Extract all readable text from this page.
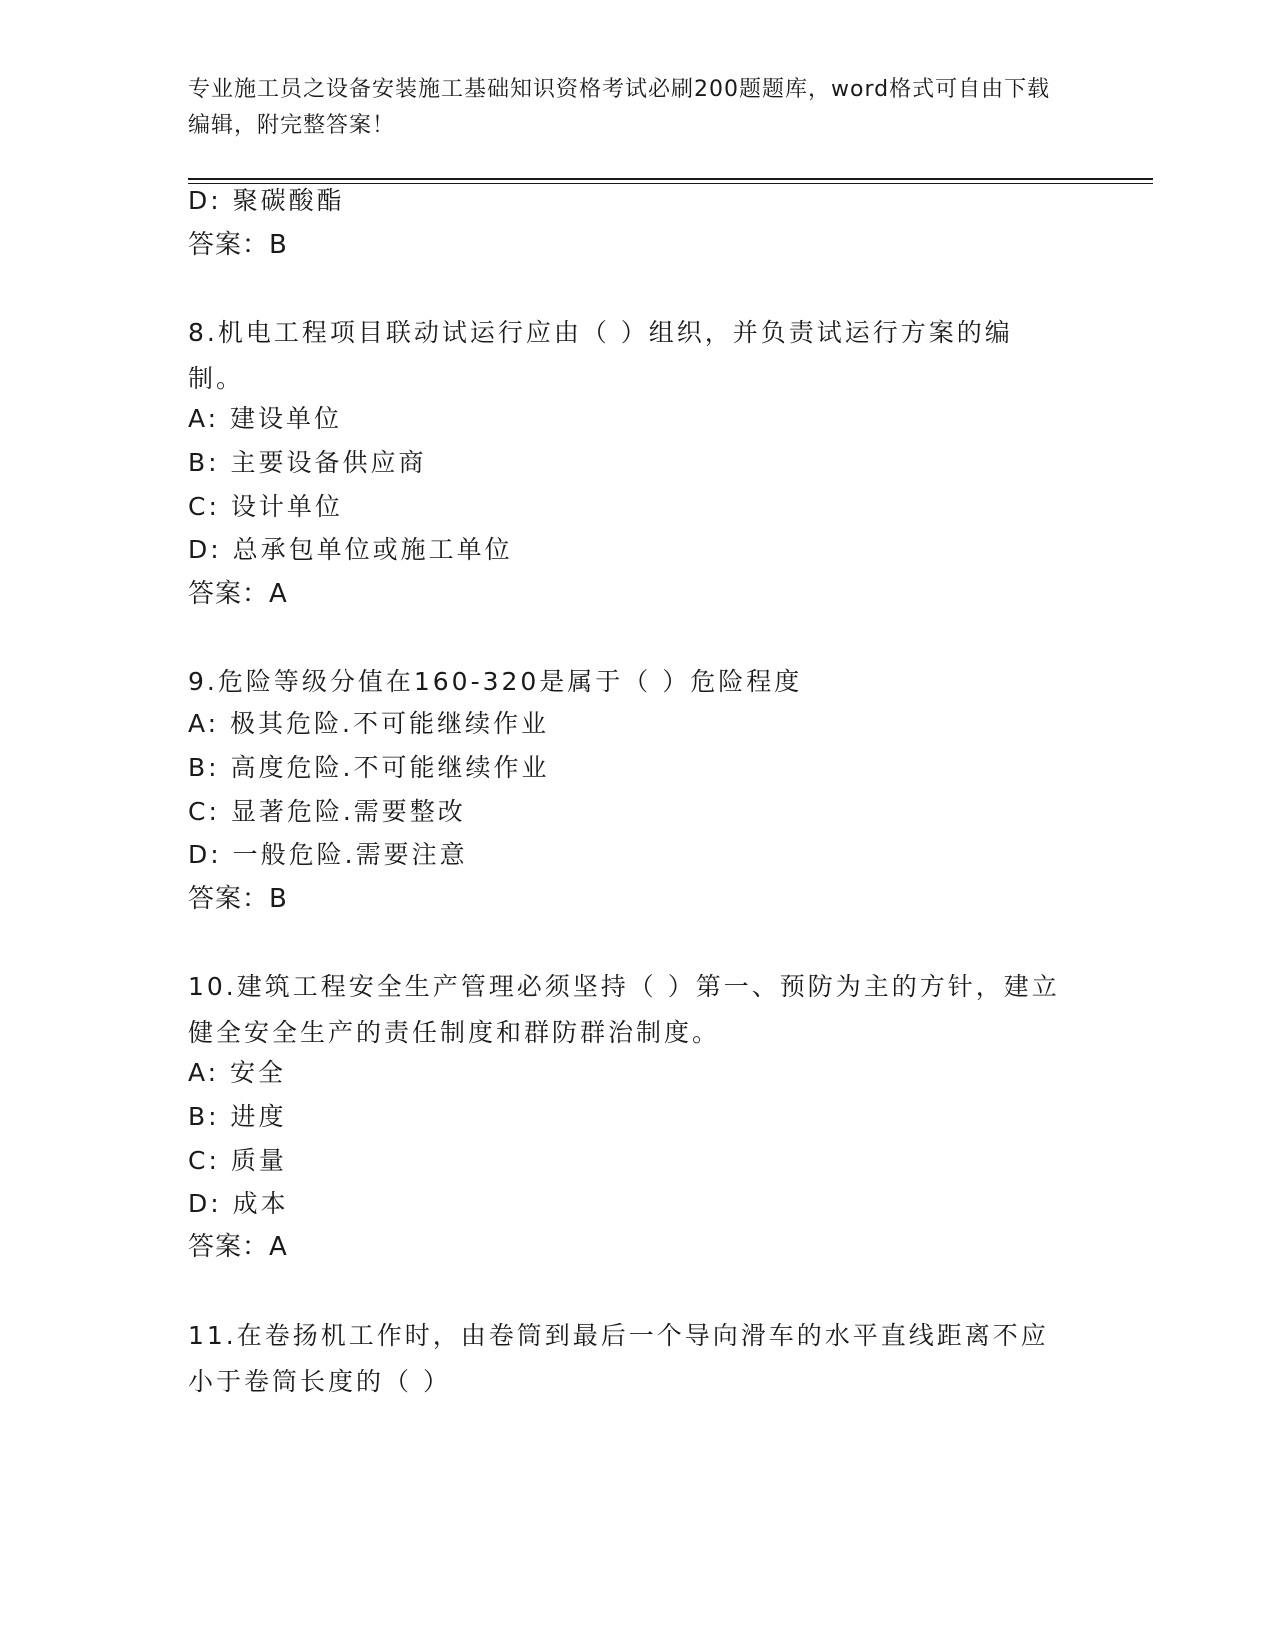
专业施工员之设备安装施工基础知识资格考试必刷200题题库，word格式可自由下载编辑，附完整答案！
D: 聚碳酸酯
答案：B
8.机电工程项目联动试运行应由（ ）组织，并负责试运行方案的编制。
A: 建设单位
B: 主要设备供应商
C: 设计单位
D: 总承包单位或施工单位
答案：A
9.危险等级分值在160-320是属于（ ）危险程度
A: 极其危险.不可能继续作业
B: 高度危险.不可能继续作业
C: 显著危险.需要整改
D: 一般危险.需要注意
答案：B
10.建筑工程安全生产管理必须坚持（ ）第一、预防为主的方针，建立健全安全生产的责任制度和群防群治制度。
A: 安全
B: 进度
C: 质量
D: 成本
答案：A
11.在卷扬机工作时，由卷筒到最后一个导向滑车的水平直线距离不应小于卷筒长度的（ ）
